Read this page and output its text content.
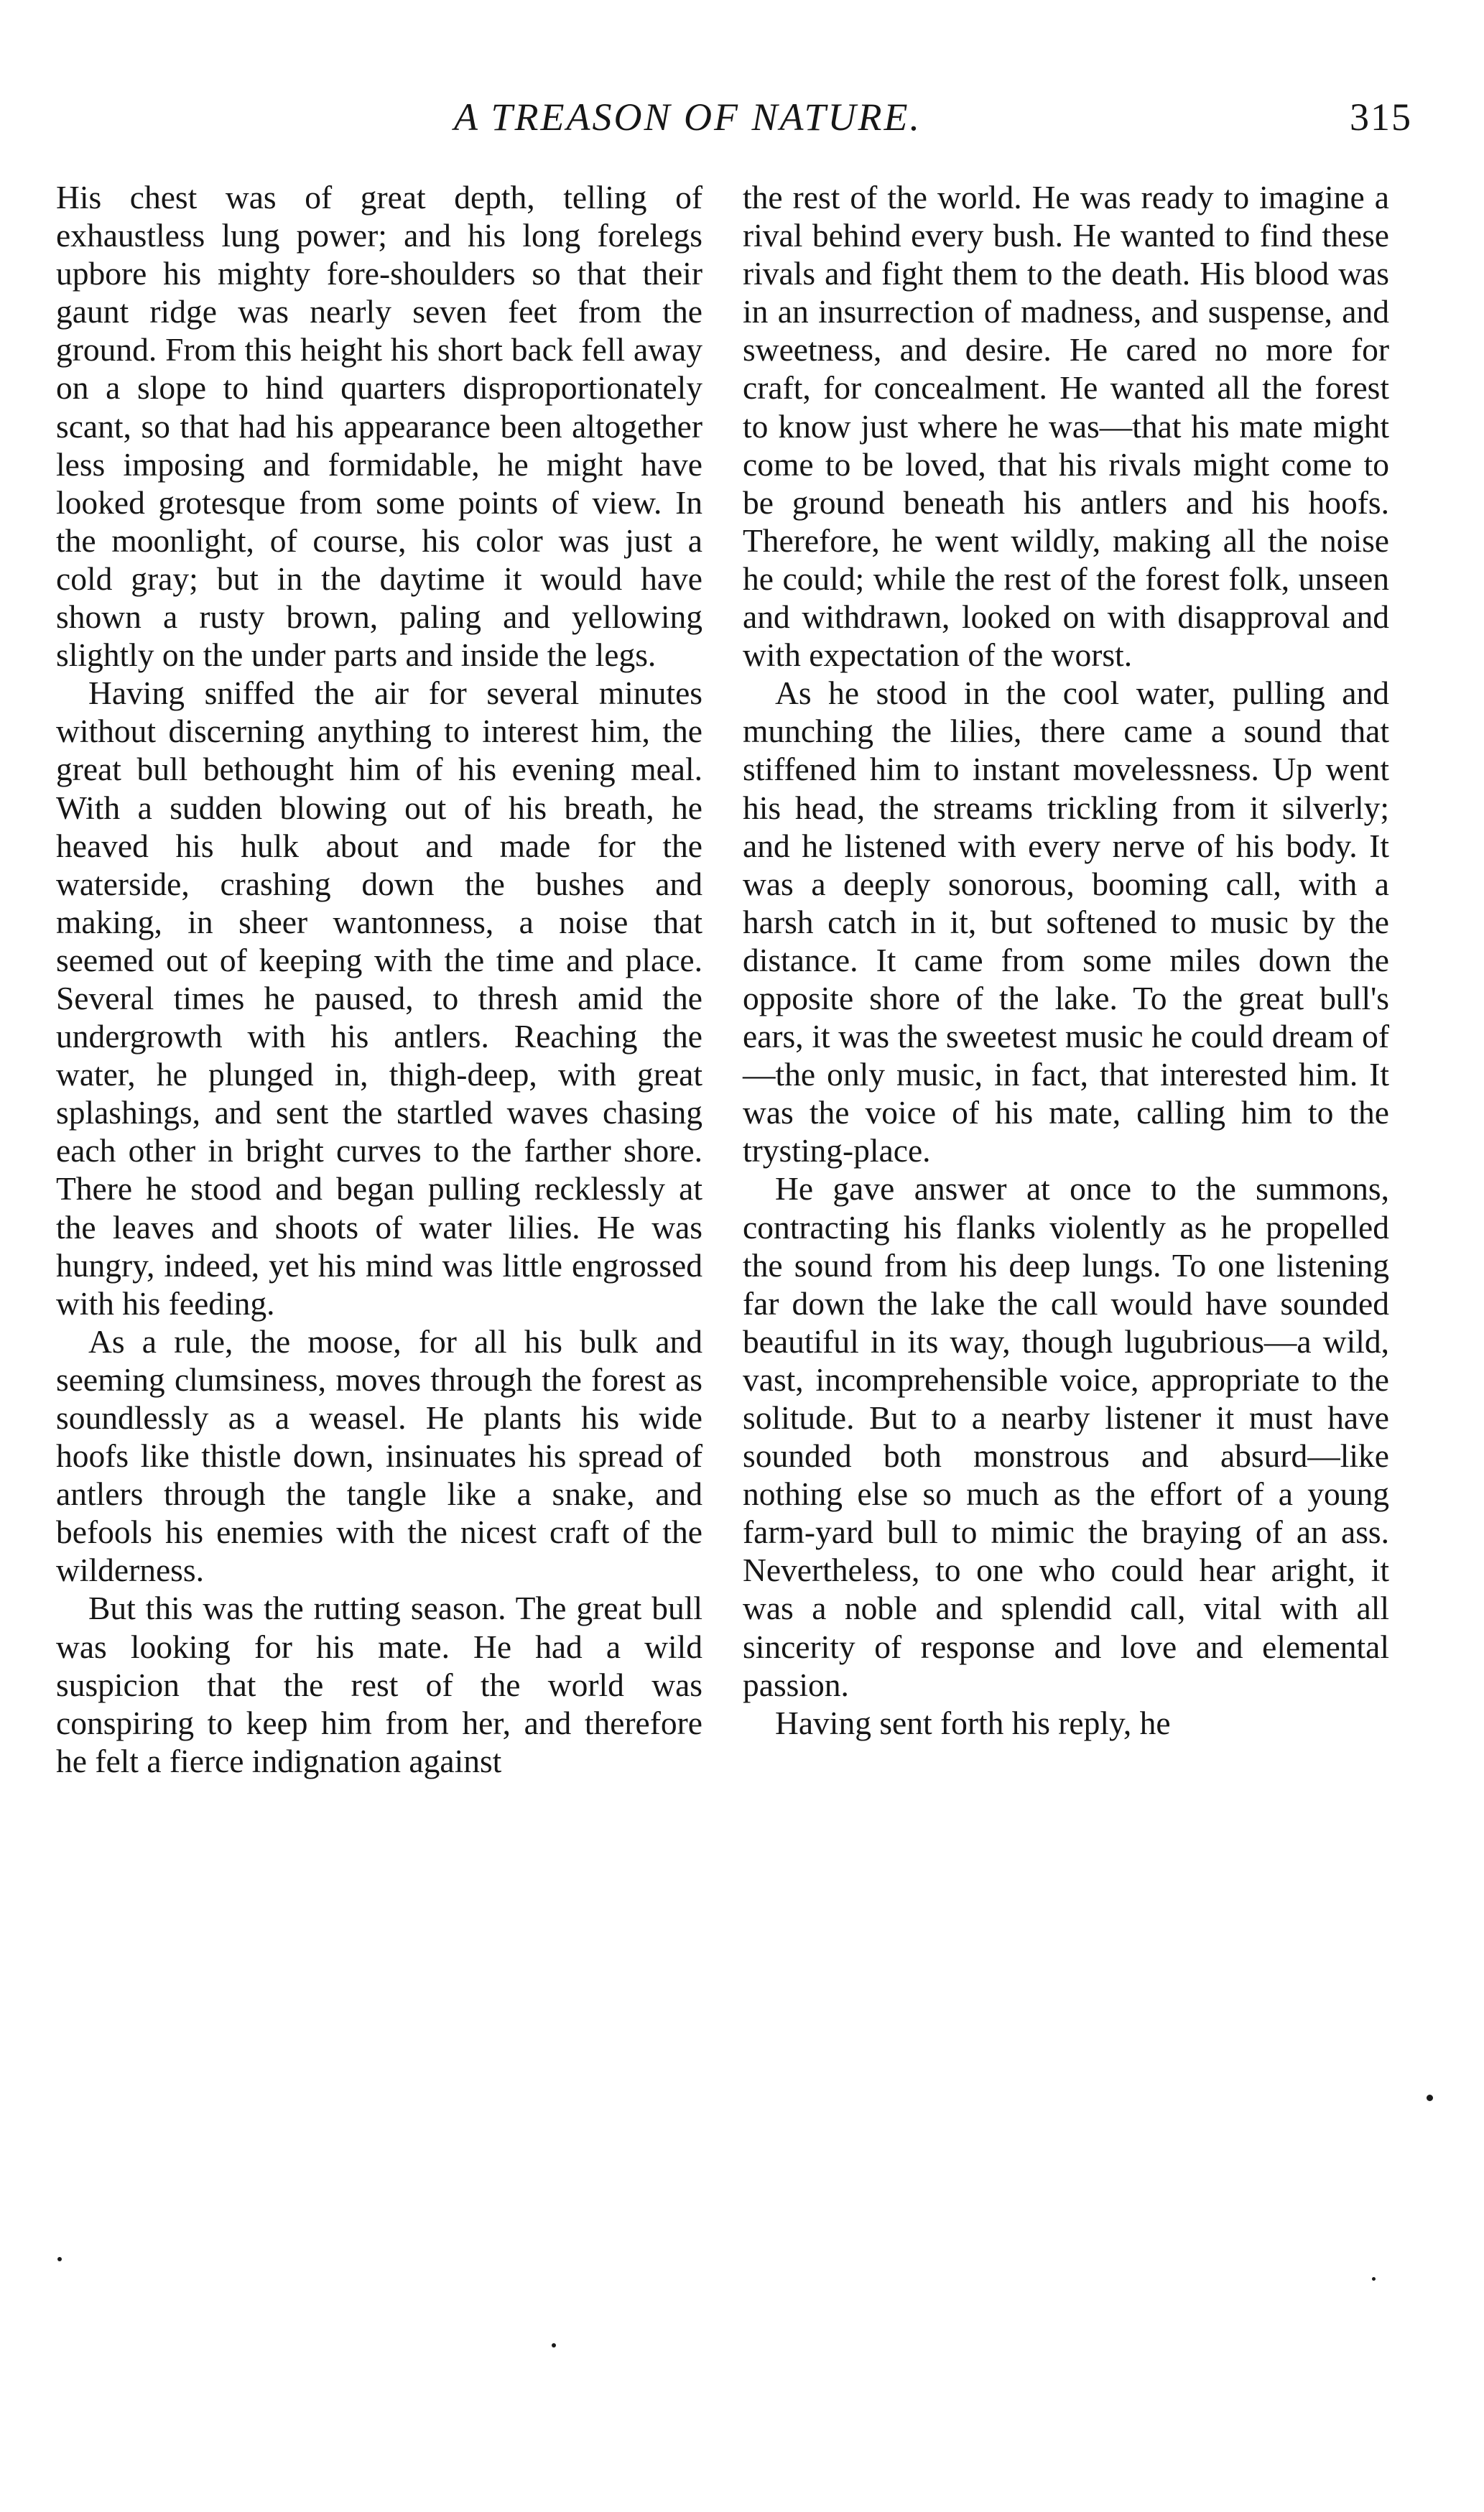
A TREASON OF NATURE.	315

His chest was of great depth, telling of exhaustless lung power; and his long forelegs upbore his mighty fore-shoulders so that their gaunt ridge was nearly seven feet from the ground. From this height his short back fell away on a slope to hind quarters disproportionately scant, so that had his appearance been altogether less imposing and formidable, he might have looked grotesque from some points of view. In the moonlight, of course, his color was just a cold gray; but in the daytime it would have shown a rusty brown, paling and yellowing slightly on the under parts and inside the legs.

Having sniffed the air for several minutes without discerning anything to interest him, the great bull bethought him of his evening meal. With a sudden blowing out of his breath, he heaved his hulk about and made for the waterside, crashing down the bushes and making, in sheer wantonness, a noise that seemed out of keeping with the time and place. Several times he paused, to thresh amid the undergrowth with his antlers. Reaching the water, he plunged in, thigh-deep, with great splashings, and sent the startled waves chasing each other in bright curves to the farther shore. There he stood and began pulling recklessly at the leaves and shoots of water lilies. He was hungry, indeed, yet his mind was little engrossed with his feeding.

As a rule, the moose, for all his bulk and seeming clumsiness, moves through the forest as soundlessly as a weasel. He plants his wide hoofs like thistle down, insinuates his spread of antlers through the tangle like a snake, and befools his enemies with the nicest craft of the wilderness.

But this was the rutting season. The great bull was looking for his mate. He had a wild suspicion that the rest of the world was conspiring to keep him from her, and therefore he felt a fierce indignation against

the rest of the world. He was ready to imagine a rival behind every bush. He wanted to find these rivals and fight them to the death. His blood was in an insurrection of madness, and suspense, and sweetness, and desire. He cared no more for craft, for concealment. He wanted all the forest to know just where he was—that his mate might come to be loved, that his rivals might come to be ground beneath his antlers and his hoofs. Therefore, he went wildly, making all the noise he could; while the rest of the forest folk, unseen and withdrawn, looked on with disapproval and with expectation of the worst.

As he stood in the cool water, pulling and munching the lilies, there came a sound that stiffened him to instant movelessness. Up went his head, the streams trickling from it silverly; and he listened with every nerve of his body. It was a deeply sonorous, booming call, with a harsh catch in it, but softened to music by the distance. It came from some miles down the opposite shore of the lake. To the great bull's ears, it was the sweetest music he could dream of—the only music, in fact, that interested him. It was the voice of his mate, calling him to the trysting-place.

He gave answer at once to the summons, contracting his flanks violently as he propelled the sound from his deep lungs. To one listening far down the lake the call would have sounded beautiful in its way, though lugubrious—a wild, vast, incomprehensible voice, appropriate to the solitude. But to a nearby listener it must have sounded both monstrous and absurd—like nothing else so much as the effort of a young farm-yard bull to mimic the braying of an ass. Nevertheless, to one who could hear aright, it was a noble and splendid call, vital with all sincerity of response and love and elemental passion.

Having sent forth his reply, he
